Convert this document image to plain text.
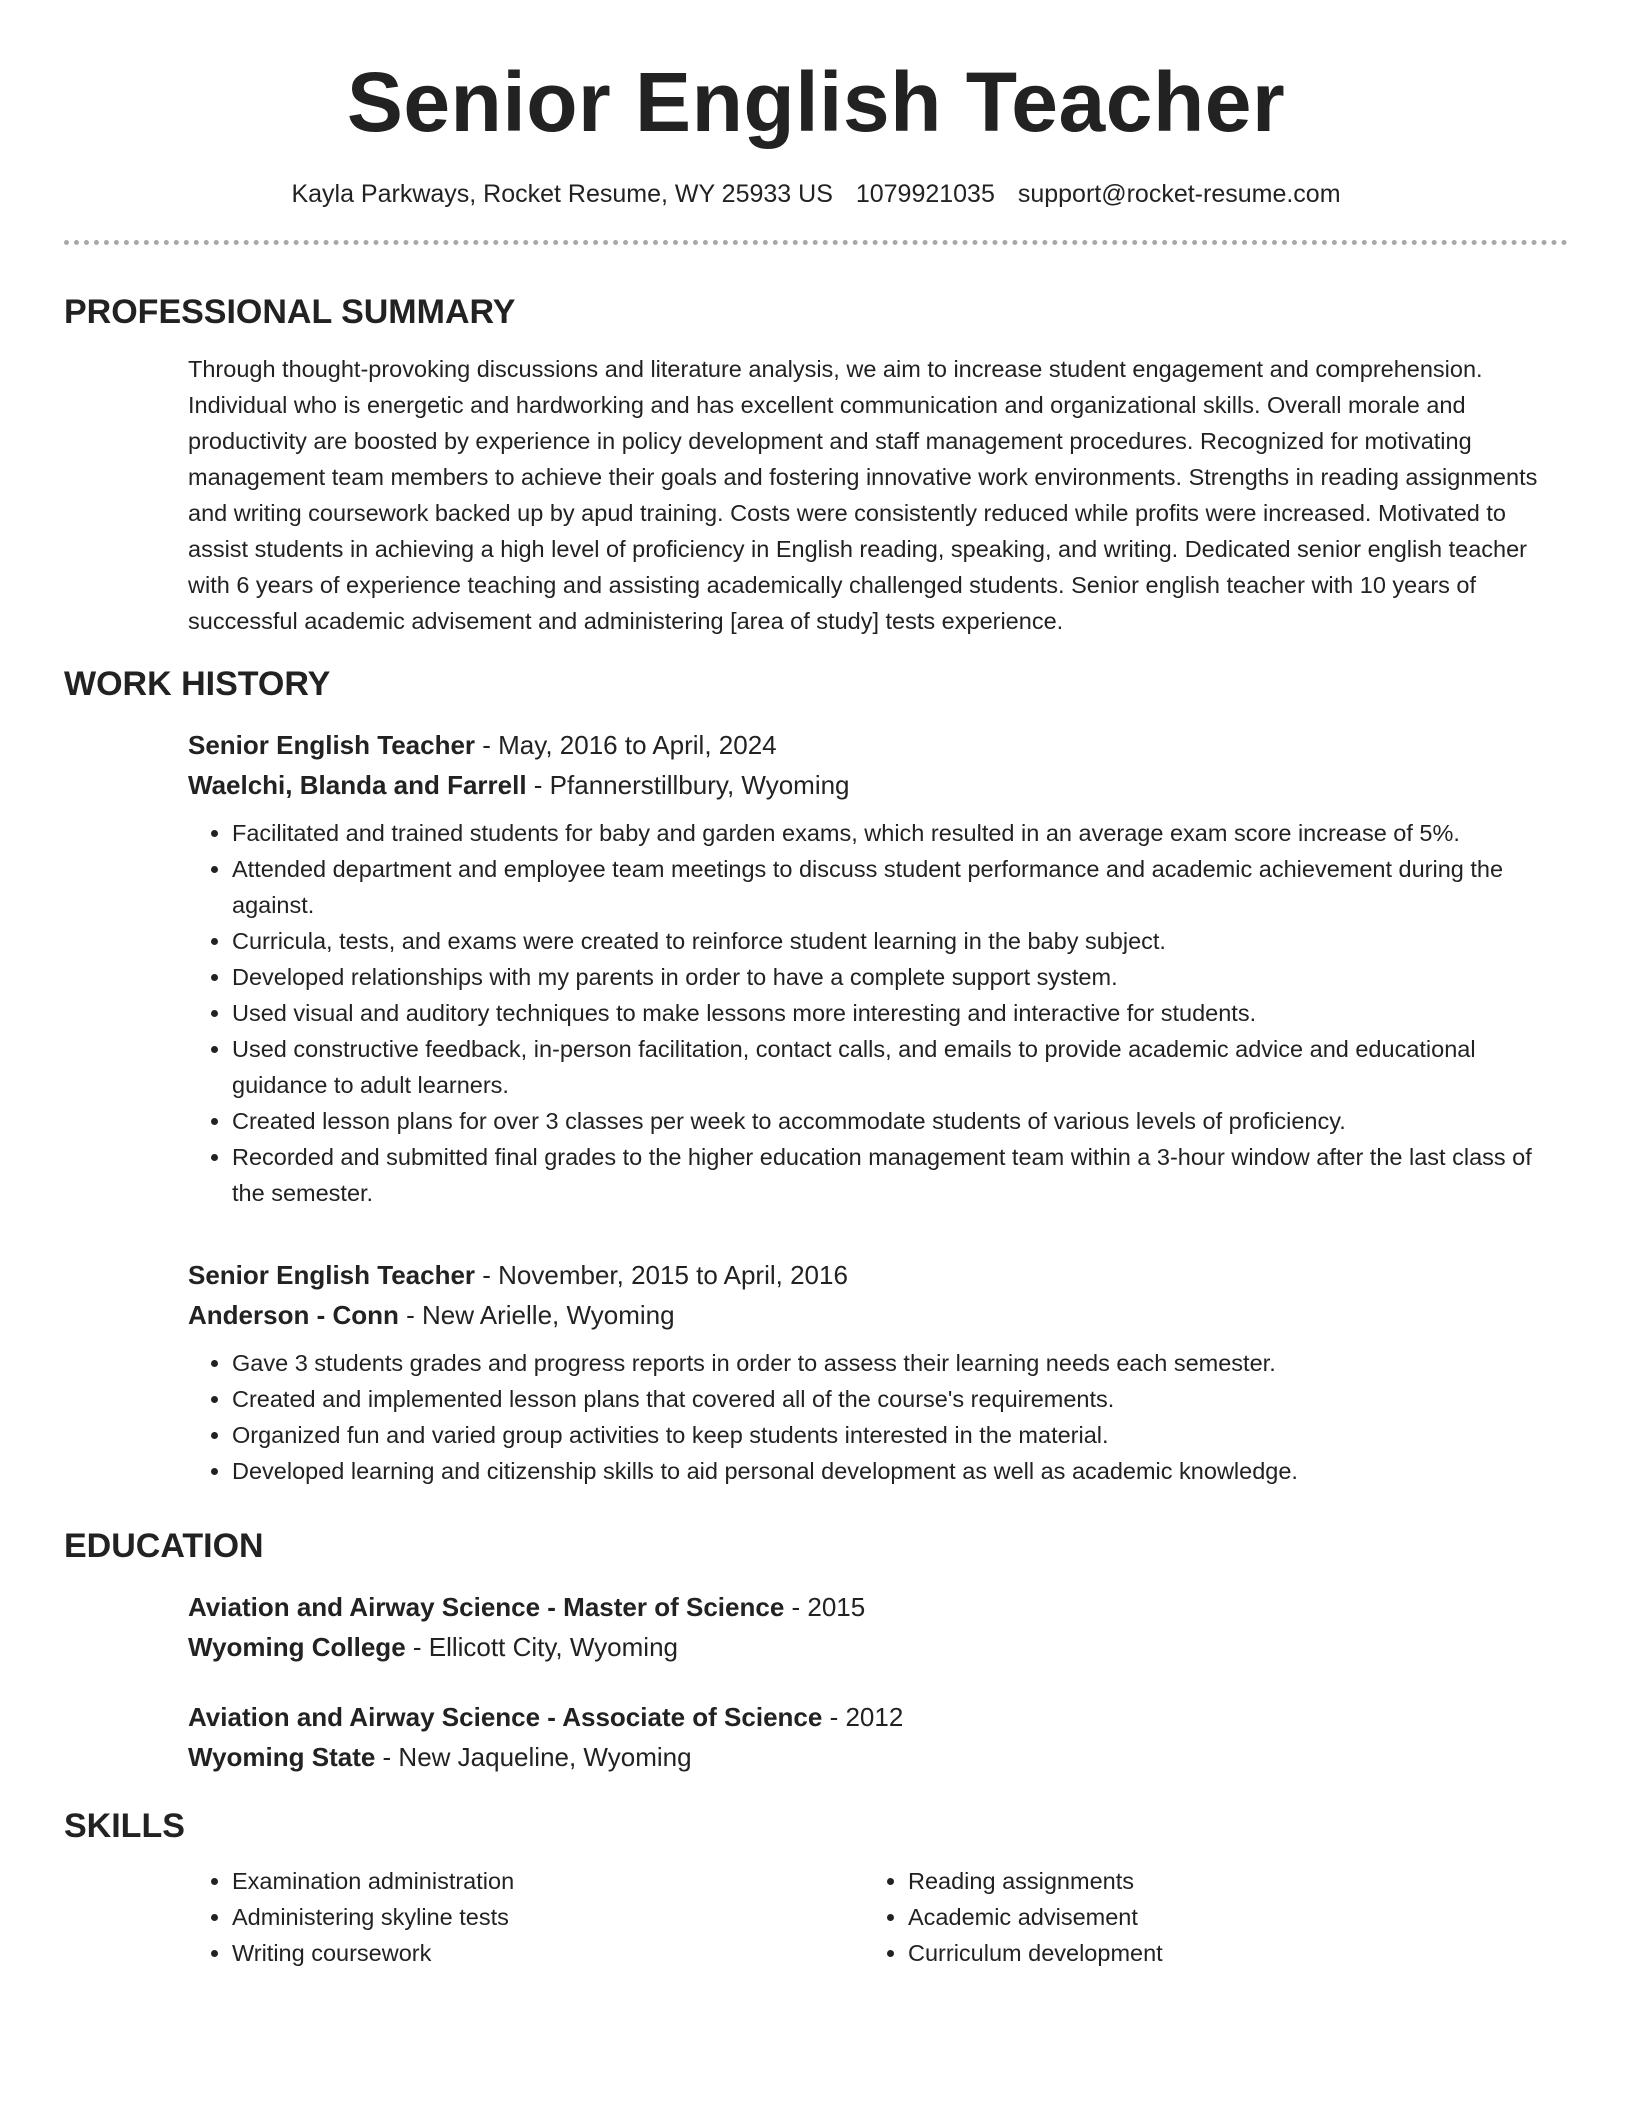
Senior English Teacher
Kayla Parkways, Rocket Resume, WY 25933 US 1079921035 support@rocket-resume.com
PROFESSIONAL SUMMARY

Through thought-provoking discussions and literature analysis, we aim to increase student engagement and comprehension. Individual who is energetic and hardworking and has excellent communication and organizational skills. Overall morale and productivity are boosted by experience in policy development and staff management procedures. Recognized for motivating management team members to achieve their goals and fostering innovative work environments. Strengths in reading assignments and writing coursework backed up by apud training. Costs were consistently reduced while profits were increased. Motivated to assist students in achieving a high level of proficiency in English reading, speaking, and writing. Dedicated senior english teacher with 6 years of experience teaching and assisting academically challenged students. Senior english teacher with 10 years of successful academic advisement and administering [area of study] tests experience.

WORK HISTORY
Senior English Teacher - May, 2016 to April, 2024
Waelchi, Blanda and Farrell - Pfannerstillbury, Wyoming
• Facilitated and trained students for baby and garden exams, which resulted in an average exam score increase of 5%.
• Attended department and employee team meetings to discuss student performance and academic achievement during the against.
• Curricula, tests, and exams were created to reinforce student learning in the baby subject.
• Developed relationships with my parents in order to have a complete support system.
• Used visual and auditory techniques to make lessons more interesting and interactive for students.
• Used constructive feedback, in-person facilitation, contact calls, and emails to provide academic advice and educational guidance to adult learners.
• Created lesson plans for over 3 classes per week to accommodate students of various levels of proficiency.
• Recorded and submitted final grades to the higher education management team within a 3-hour window after the last class of the semester.
Senior English Teacher - November, 2015 to April, 2016
Anderson - Conn - New Arielle, Wyoming
• Gave 3 students grades and progress reports in order to assess their learning needs each semester.
• Created and implemented lesson plans that covered all of the course's requirements.
• Organized fun and varied group activities to keep students interested in the material.
• Developed learning and citizenship skills to aid personal development as well as academic knowledge.
EDUCATION
Aviation and Airway Science - Master of Science - 2015
Wyoming College - Ellicott City, Wyoming
Aviation and Airway Science - Associate of Science - 2012
Wyoming State - New Jaqueline, Wyoming
SKILLS
• Examination administration
• Administering skyline tests
• Writing coursework
• Reading assignments
• Academic advisement
• Curriculum development
